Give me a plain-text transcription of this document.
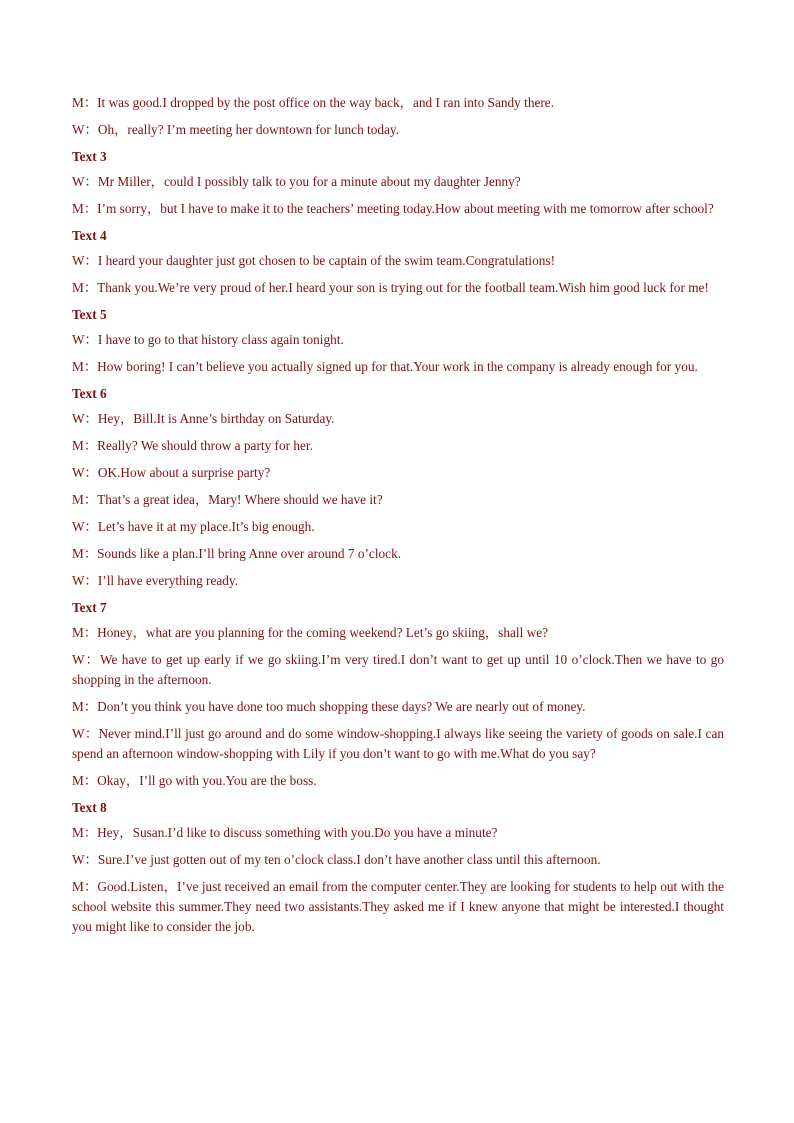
M：It was good.I dropped by the post office on the way back，and I ran into Sandy there.

W：Oh，really? I’m meeting her downtown for lunch today.

Text 3

W：Mr Miller，could I possibly talk to you for a minute about my daughter Jenny?

M：I’m sorry，but I have to make it to the teachers’ meeting today.How about meeting with me tomorrow after school?

Text 4

W：I heard your daughter just got chosen to be captain of the swim team.Congratulations!

M：Thank you.We’re very proud of her.I heard your son is trying out for the football team.Wish him good luck for me!

Text 5

W：I have to go to that history class again tonight.

M：How boring! I can’t believe you actually signed up for that.Your work in the company is already enough for you.

Text 6

W：Hey，Bill.It is Anne’s birthday on Saturday.

M：Really? We should throw a party for her.

W：OK.How about a surprise party?

M：That’s a great idea，Mary! Where should we have it?

W：Let’s have it at my place.It’s big enough.

M：Sounds like a plan.I’ll bring Anne over around 7 o’clock.

W：I’ll have everything ready.

Text 7

M：Honey，what are you planning for the coming weekend? Let’s go skiing，shall we?

W：We have to get up early if we go skiing.I’m very tired.I don’t want to get up until 10 o’clock.Then we have to go shopping in the afternoon.

M：Don’t you think you have done too much shopping these days? We are nearly out of money.

W：Never mind.I’ll just go around and do some window-shopping.I always like seeing the variety of goods on sale.I can spend an afternoon window-shopping with Lily if you don’t want to go with me.What do you say?

M：Okay，I’ll go with you.You are the boss.

Text 8

M：Hey，Susan.I’d like to discuss something with you.Do you have a minute?

W：Sure.I’ve just gotten out of my ten o’clock class.I don’t have another class until this afternoon.

M：Good.Listen，I’ve just received an email from the computer center.They are looking for students to help out with the school website this summer.They need two assistants.They asked me if I knew anyone that might be interested.I thought you might like to consider the job.
